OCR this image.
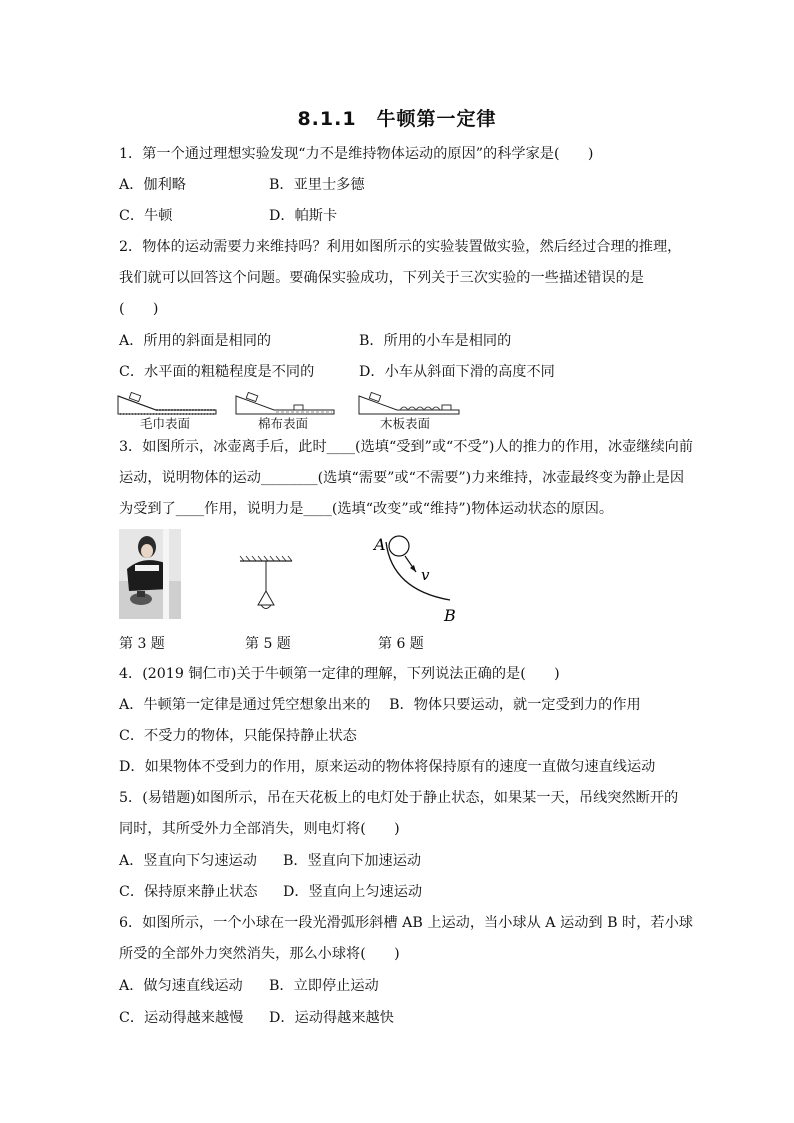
8.1.1　牛顿第一定律
1．第一个通过理想实验发现“力不是维持物体运动的原因”的科学家是(　　)
A．伽利略	B．亚里士多德
C．牛顿	D．帕斯卡
2．物体的运动需要力来维持吗？利用如图所示的实验装置做实验，然后经过合理的推理，
我们就可以回答这个问题。要确保实验成功，下列关于三次实验的一些描述错误的是
(　　)
A．所用的斜面是相同的	B．所用的小车是相同的
C．水平面的粗糙程度是不同的	D．小车从斜面下滑的高度不同
毛巾表面	棉布表面	木板表面
3．如图所示，冰壶离手后，此时____(选填“受到”或“不受”)人的推力的作用，冰壶继续向前
运动，说明物体的运动________(选填“需要”或“不需要”)力来维持，冰壶最终变为静止是因
为受到了____作用，说明力是____(选填“改变”或“维持”)物体运动状态的原因。
A
v
B
第 3 题	第 5 题	第 6 题
4．(2019 铜仁市)关于牛顿第一定律的理解，下列说法正确的是(　　)
A．牛顿第一定律是通过凭空想象出来的　 B．物体只要运动，就一定受到力的作用
C．不受力的物体，只能保持静止状态
D．如果物体不受到力的作用，原来运动的物体将保持原有的速度一直做匀速直线运动
5．(易错题)如图所示，吊在天花板上的电灯处于静止状态，如果某一天，吊线突然断开的
同时，其所受外力全部消失，则电灯将(　　)
A．竖直向下匀速运动 B．竖直向下加速运动
C．保持原来静止状态 D．竖直向上匀速运动
6．如图所示，一个小球在一段光滑弧形斜槽 AB 上运动，当小球从 A 运动到 B 时，若小球
所受的全部外力突然消失，那么小球将(　　)
A．做匀速直线运动 B．立即停止运动
C．运动得越来越慢 D．运动得越来越快
